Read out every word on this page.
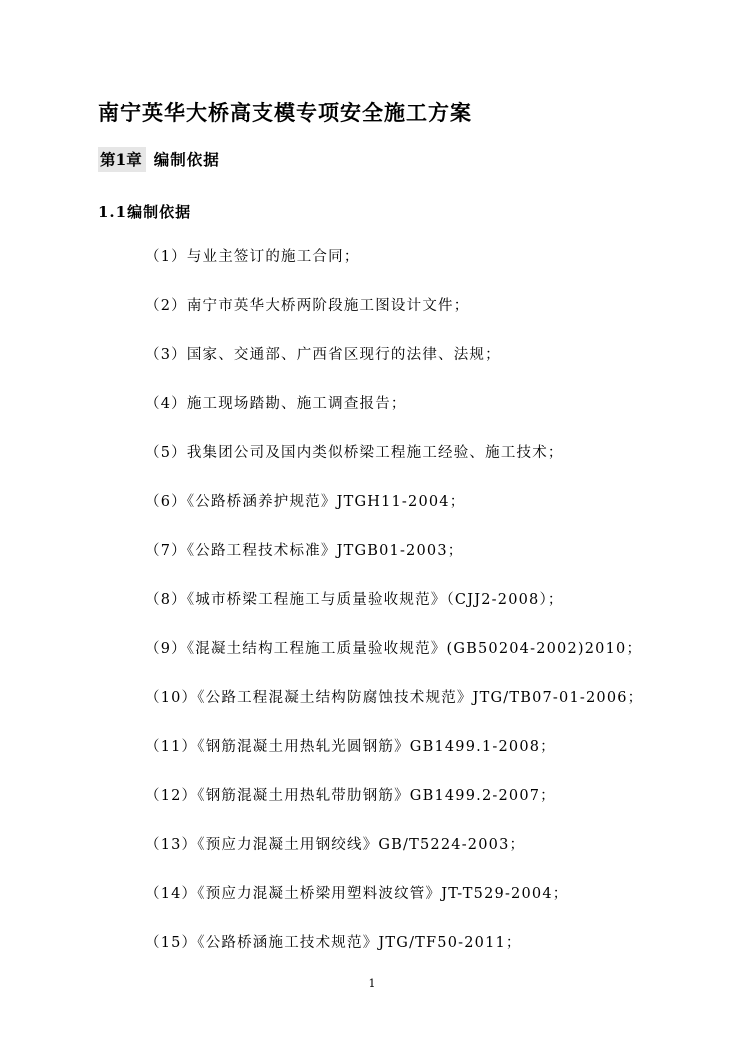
南宁英华大桥高支模专项安全施工方案
第1章 编制依据
1.1编制依据
（1）与业主签订的施工合同；
（2）南宁市英华大桥两阶段施工图设计文件；
（3）国家、交通部、广西省区现行的法律、法规；
（4）施工现场踏勘、施工调查报告；
（5）我集团公司及国内类似桥梁工程施工经验、施工技术；
（6）《公路桥涵养护规范》JTGH11-2004；
（7）《公路工程技术标准》JTGB01-2003；
（8）《城市桥梁工程施工与质量验收规范》（CJJ2-2008）；
（9）《混凝土结构工程施工质量验收规范》(GB50204-2002)2010；
（10）《公路工程混凝土结构防腐蚀技术规范》JTG/TB07-01-2006；
（11）《钢筋混凝土用热轧光圆钢筋》GB1499.1-2008；
（12）《钢筋混凝土用热轧带肋钢筋》GB1499.2-2007；
（13）《预应力混凝土用钢绞线》GB/T5224-2003；
（14）《预应力混凝土桥梁用塑料波纹管》JT-T529-2004；
（15）《公路桥涵施工技术规范》JTG/TF50-2011；
1
